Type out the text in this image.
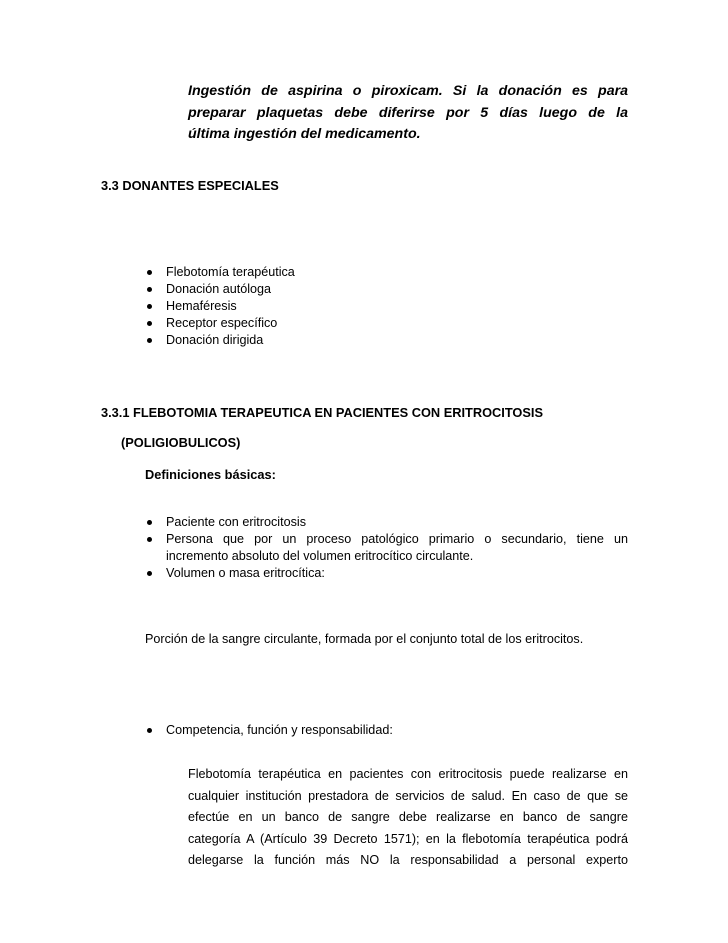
Ingestión de aspirina o piroxicam. Si la donación es para
preparar plaquetas debe diferirse por 5 días luego de la
última ingestión del medicamento.
3.3 DONANTES ESPECIALES
Flebotomía terapéutica
Donación autóloga
Hemaféresis
Receptor específico
Donación dirigida
3.3.1 FLEBOTOMIA TERAPEUTICA EN PACIENTES CON ERITROCITOSIS
(POLIGIOBULICOS)
Definiciones básicas:
Paciente con eritrocitosis
Persona que por un proceso patológico primario o secundario, tiene un
incremento absoluto del volumen eritrocítico circulante.
Volumen o masa eritrocítica:
Porción de la sangre circulante, formada por el conjunto total de los eritrocitos.
Competencia, función y responsabilidad:
Flebotomía terapéutica en pacientes con eritrocitosis puede realizarse en
cualquier institución prestadora de servicios de salud. En caso de que se
efectúe en un banco de sangre debe realizarse en banco de sangre
categoría A (Artículo 39 Decreto 1571); en la flebotomía terapéutica podrá
delegarse la función más NO la responsabilidad a personal experto
